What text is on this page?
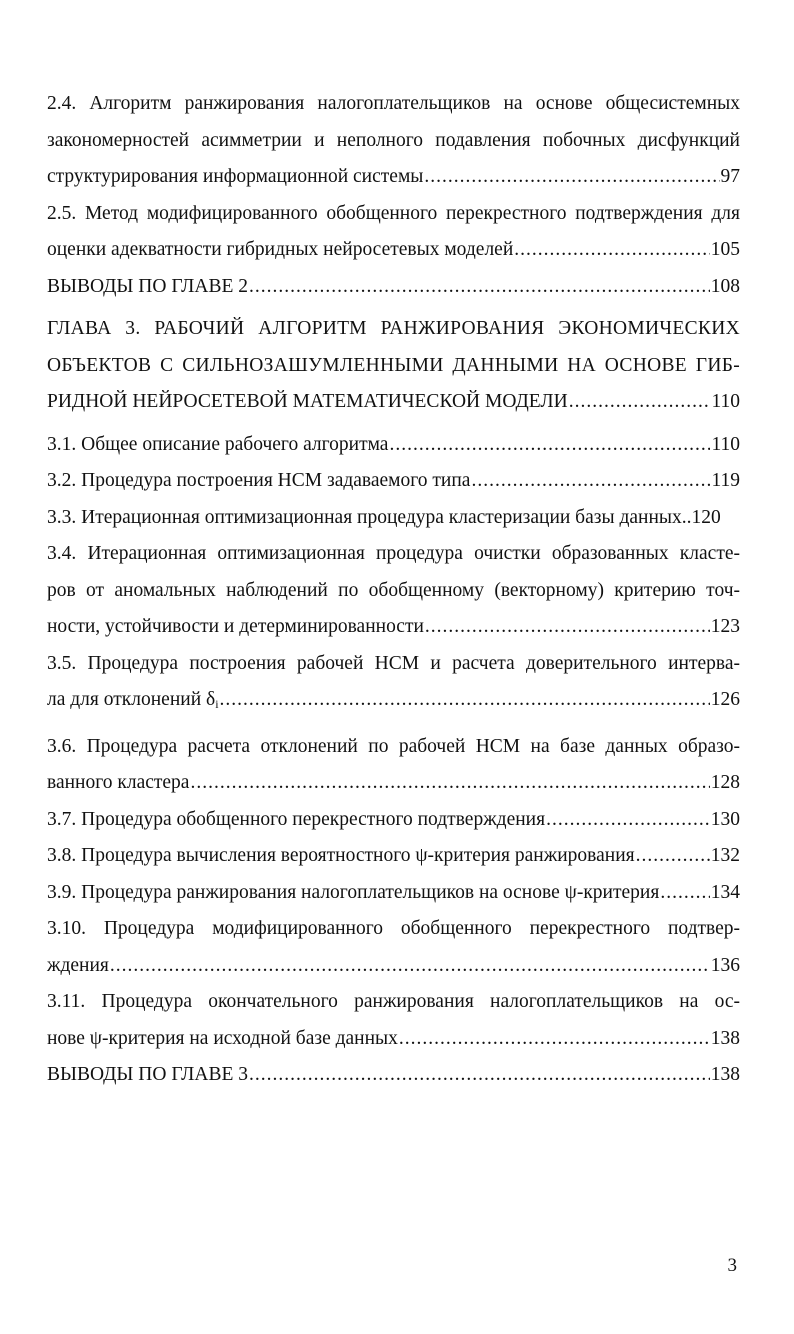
2.4. Алгоритм ранжирования налогоплательщиков на основе общесистемных
закономерностей асимметрии и неполного подавления побочных дисфункций
структурирования информационной системы .....	97
2.5. Метод модифицированного обобщенного перекрестного подтверждения для
оценки адекватности гибридных нейросетевых моделей .....	105
ВЫВОДЫ ПО ГЛАВЕ 2 .....	108
ГЛАВА 3. РАБОЧИЙ АЛГОРИТМ РАНЖИРОВАНИЯ ЭКОНОМИЧЕСКИХ
ОБЪЕКТОВ С СИЛЬНОЗАШУМЛЕННЫМИ ДАННЫМИ НА ОСНОВЕ ГИБ-
РИДНОЙ НЕЙРОСЕТЕВОЙ МАТЕМАТИЧЕСКОЙ МОДЕЛИ .....	110
3.1. Общее описание рабочего алгоритма .....	110
3.2. Процедура построения НСМ задаваемого типа .....	119
3.3. Итерационная оптимизационная процедура кластеризации базы данных.. 120
3.4. Итерационная оптимизационная процедура очистки образованных класте-
ров от аномальных наблюдений по обобщенному (векторному) критерию точ-
ности, устойчивости и детерминированности .....	123
3.5. Процедура построения рабочей НСМ и расчета доверительного интерва-
ла для отклонений $\delta_i$ .....	126
3.6. Процедура расчета отклонений по рабочей НСМ на базе данных образо-
ванного кластера .....	128
3.7. Процедура обобщенного перекрестного подтверждения .....	130
3.8. Процедура вычисления вероятностного ψ-критерия ранжирования .....	132
3.9. Процедура ранжирования налогоплательщиков на основе ψ-критерия .....	134
3.10. Процедура модифицированного обобщенного перекрестного подтвер-
ждения .....	136
3.11. Процедура окончательного ранжирования налогоплательщиков на ос-
нове ψ-критерия на исходной базе данных .....	138
ВЫВОДЫ ПО ГЛАВЕ 3 .....	138
3
